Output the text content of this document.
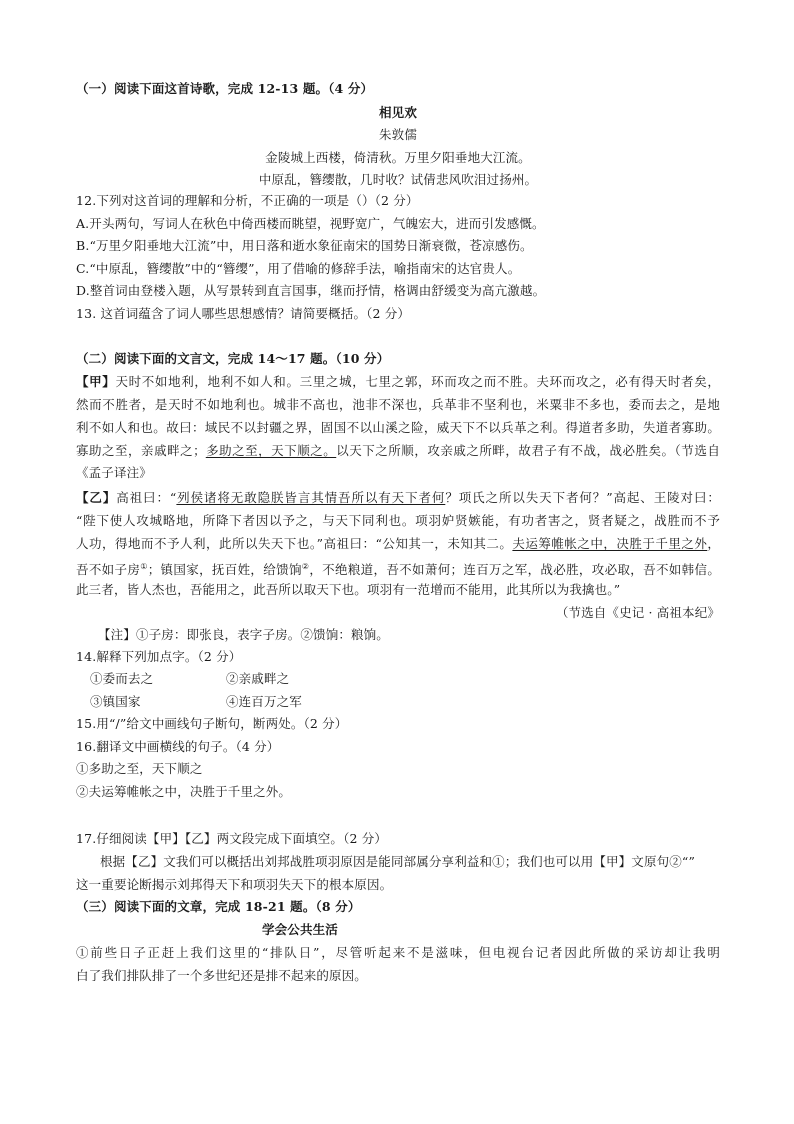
（一）阅读下面这首诗歌，完成 12-13 题。（4 分）
相见欢
朱敦儒
金陵城上西楼，倚清秋。万里夕阳垂地大江流。
中原乱，簪缨散，几时收？试倩悲风吹泪过扬州。
12.下列对这首词的理解和分析，不正确的一项是（）（2 分）
A.开头两句，写词人在秋色中倚西楼而眺望，视野宽广，气魄宏大，进而引发感慨。
B.“万里夕阳垂地大江流”中，用日落和逝水象征南宋的国势日渐衰微，苍凉感伤。
C.“中原乱，簪缨散”中的“簪缨”，用了借喻的修辞手法，喻指南宋的达官贵人。
D.整首词由登楼入题，从写景转到直言国事，继而抒情，格调由舒缓变为高亢激越。
13. 这首词蕴含了词人哪些思想感情？请简要概括。（2 分）
（二）阅读下面的文言文，完成 14～17 题。（10 分）
【甲】天时不如地利，地利不如人和。三里之城，七里之郭，环而攻之而不胜。夫环而攻之，必有得天时者矣，
然而不胜者，是天时不如地利也。城非不高也，池非不深也，兵革非不坚利也，米粟非不多也，委而去之，是地
利不如人和也。故曰：域民不以封疆之界，固国不以山溪之险，威天下不以兵革之利。得道者多助，失道者寡助。
寡助之至，亲戚畔之；多助之至，天下顺之。以天下之所顺，攻亲戚之所畔，故君子有不战，战必胜矣。（节选自
《孟子译注》
【乙】高祖曰：“列侯诸将无敢隐朕皆言其情吾所以有天下者何？项氏之所以失天下者何？”高起、王陵对曰：
“陛下使人攻城略地，所降下者因以予之，与天下同利也。项羽妒贤嫉能，有功者害之，贤者疑之，战胜而不予
人功，得地而不予人利，此所以失天下也。”高祖曰：“公知其一，未知其二。夫运筹帷帐之中，决胜于千里之外，
吾不如子房①；镇国家，抚百姓，给馈饷②，不绝粮道，吾不如萧何；连百万之军，战必胜，攻必取，吾不如韩信。
此三者，皆人杰也，吾能用之，此吾所以取天下也。项羽有一范增而不能用，此其所以为我擒也。”
（节选自《史记 · 高祖本纪》
【注】①子房：即张良，表字子房。②馈饷：粮饷。
14.解释下列加点字。（2 分）
①委而去之	②亲戚畔之
③镇国家	④连百万之军
15.用“/”给文中画线句子断句，断两处。（2 分）
16.翻译文中画横线的句子。（4 分）
①多助之至，天下顺之
②夫运筹帷帐之中，决胜于千里之外。
17.仔细阅读【甲】【乙】两文段完成下面填空。（2 分）
根据【乙】文我们可以概括出刘邦战胜项羽原因是能同部属分享利益和①；我们也可以用【甲】文原句②“”
这一重要论断揭示刘邦得天下和项羽失天下的根本原因。
（三）阅读下面的文章，完成 18-21 题。（8 分）
学会公共生活
①前些日子正赶上我们这里的“排队日”，尽管听起来不是滋味，但电视台记者因此所做的采访却让我明
白了我们排队排了一个多世纪还是排不起来的原因。
